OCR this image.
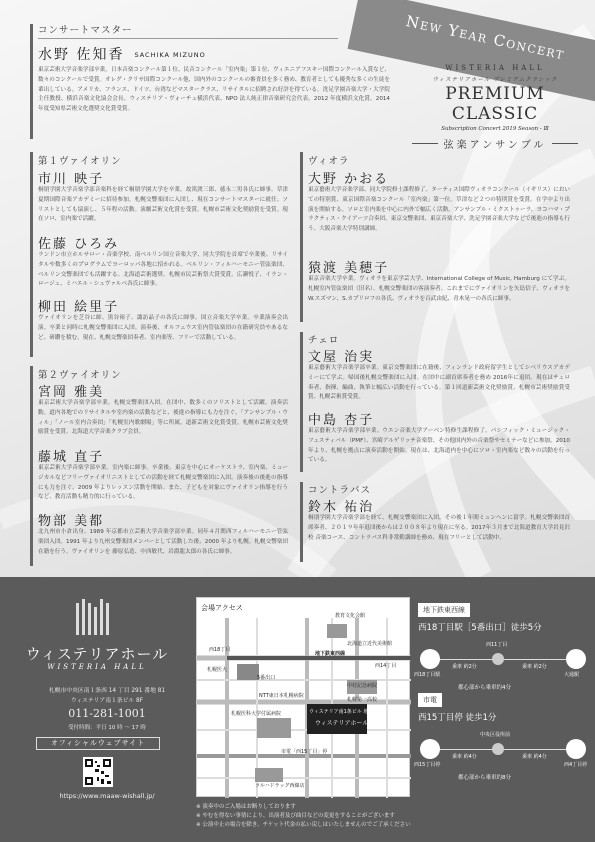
New Year Concert
WISTERIA HALL
ウィステリアホール プレミアムクラシック
PREMIUM CLASSIC
Subscription Concert 2019 Season - Ⅲ
弦楽アンサンブル
コンサートマスター
水野 佐知香 SACHIKA MIZUNO
東京芸術大学音楽学部卒業。日本音楽コンクール第１位、民音コンクール「室内楽」第１位、ヴィエニアフスキー国際コンクール入賞など、数々のコンクールで受賞。オレグ・クリサ国際コンクール他、国内外のコンクールの審査員を多く務め、教育者としても優秀な多くの生徒を輩出している。アメリカ、フランス、ドイツ、台湾などマスタークラス、リサイタルに招聘され好評を得ている。洗足学園音楽大学・大学院主任教授、横浜音楽文化協会会長、ウィステリア・ヴォーチェ横浜代表、NPO 法人純正律音楽研究会代表。2012 年度横浜文化賞、2014 年度受知県芸術文化選奨文化賞受賞。
第１ヴァイオリン
市川 映子
桐朋学園大学音楽学部音楽科を経て桐朋学園大学を卒業。故篤渡三郎、徳永二男各氏に師事。草津夏期国際音楽アカデミーに招待参加。札幌交響楽団に入団し、現在コンサートマスターに就任。ソリストとしても協演し、５年程の活動。演劇芸術文化賞を受賞。札幌市芸術文化奨励賞を受賞。現在ソロ、室内楽で活躍。
佐藤 ひろみ
ランドン市立ホルサロー・音楽学校、南ベルリン国立音楽大学、同大学院を首席で卒業後、リサイタルや数多くのプログラムでヨーロッパ各地に招かれる。ベルリン・フィルハーモニー管弦楽団、ベルリン交響楽団でも活躍する。北海道芸術選奨、札幌市民芸術祭大賞受賞。広瀬悦子、イラン・ロージェ、ミハエル・シュヴァルベ各氏に師事。
柳田 絵里子
ヴァイオリンを芝谷に師、黒谷裕子、諏訪晶子の各氏に師事。国立音楽大学卒業。卒業演奏会出演。卒業と同時に札幌交響楽団に入団。演奏後、オルフェウス室内管弦楽団の在籍研究員やあるなど、研鑽を積む。現在、札幌交響楽団奏者、室内楽等、フリーで活動している。
第２ヴァイオリン
宮岡 雅美
東京芸術大学音楽学部卒業。札幌交響楽団入団。在団中、数多くのソリストとして活躍。演奏活動。道内各地でのリサイタルや室内楽の活動などと、後進の指導にも力を注ぐ。「アンサンブル・ウィル」「ノール室内合奏団」「札幌室内歌劇場」等に所属。道新芸術文化賞受賞。札幌市芸術文化奨励賞を受賞。北海道大学音楽クラブ会員。
藤城 直子
東京芸術大学音楽学部卒業。室内楽に師事。卒業後、東京を中心にオーケストラ、室内楽、ミュージカルなどフリーヴァイオリニストとしての活動を経て札幌交響楽団に入団。演奏後の後進の指導にも力を注ぐ。2009 年よりレッスン活動を開始。また、子どもを対象にヴァイオリン指導を行うなど、教育活動も精力的に行っている。
物部 美都
北九州市小倉出身。1989 年京都市立芸術大学音楽学部卒業。同年４月関西フィルハーモニー管弦楽団入団。1991 年より九州交響楽団メンバーとして活動した後、2000 年より札幌。札幌交響楽団在籍を行う。ヴァイオリンを 藤原弘造、中西敏代、岩淵龍太郎の各氏に師事。
ヴィオラ
大野 かおる
東京藝術大学音楽学部、同大学院修士課程修了。ターティス国際ヴィオラコンクール（イギリス）においての特別賞、東京国際音楽コンクール「室内楽」第一位。草津など２つの特別賞を受賞。在学中より出演を開始する。ソロと室内楽を中心に内外で幅広く活動。アンサンブル・ミクストゥーラ、ヨコハマ・プラクティス・クイアーツ合奏団、東京交響楽団、東京音楽大学、洗足学園音楽大学などで後進の指導も行う。大阪音楽大学特別講師。
猿渡 美穂子
東京音楽大学卒業。ヴィオラを東京学芸大学、International College of Music, Hamburg にて学ぶ。札幌室内管弦楽団（旧名）、札幌交響楽団の客演奏者。これまでにヴァイオリンを矢島信子、ヴィオラをW.スズマン、S.カプリロフの各氏、ヴィオラを百武由紀、青木晃一の各氏に師事。
チェロ
文屋 治実
東京藝術大学音楽学部卒業。東京交響楽団に在籍後、フィンランド政府留学生としてシベリウスアカデミーにて学ぶ。帰国後札幌交響楽団に入団。在団中に副首席奏者を務め 2016年に退団。現在はチェロ奏者、指揮、編曲、執筆と幅広い活動を行っている。第１回道新芸術文化奨励賞、札幌市芸術奨励賞受賞、札幌芸術賞受賞。
中島 杏子
東京藝術大学音楽学部卒業。ウエン音楽大学アーベン特修生課程修了。パシフィック・ミュージック・フェスティバル（PMF）、宮崎アルゲリッチ音楽祭、その他国内外の音楽祭やセミナーなどに参加。2010 年より、札幌を拠点に演奏活動を開始。現在は、北海道内を中心にソロ・室内楽など数々の活動を行っている。
コントラバス
鈴木 祐治
桐朋学園大学音楽学部を経て、札幌交響楽団に入団。その後１年間ミュンヘンに留学。札幌交響楽団首席奏者、２０１９年年退団後からは２００８年より現在に至る。2017年３月まで北海道教育大学岩見沢校 音楽コース、コントラバス科非常勤講師を務め、現在フリーとして活動中。
ウィステリアホール
WISTERIA HALL
札幌市中央区南１条西 14 丁目 291 番地 81
ウィステリア南１条ビル 8F
011-281-1001
受付時間：平日 10 時 ～ 17 時
オフィシャルウェブサイト
https://www.maaw-wishall.jp/
会場アクセス
教育文化会館
北海道立近代美術館
西18丁目
西14丁目
札幌医大
中村記念病院
札幌第一高校
NTT東日本札幌病院
地下鉄東西線
5番出口
札幌医科大学付属病院	ウィステリア南1条ビル 地下1階
ウィステリアホール
市電「西15丁目」停
ツルハドラッグ西線店
地下鉄東西線
西18丁目駅［5番出口］徒歩5分
西18丁目駅
西11丁目
大通駅
乗車 約2分	乗車 約2分
都心部から乗車約4分
市電
西15丁目停 徒歩1分
西15丁目停
中央区役所前
西4丁目停
乗車 約4分	乗車 約4分
都心部から乗車約8分
※ 演奏中のご入場はお断りしております
※ やむを得ない事情により、出演者及び曲目などの変更をすることがございます
※ 公演中止の場合を除き、チケット代金の払い戻しはいたしませんのでご了承ください
